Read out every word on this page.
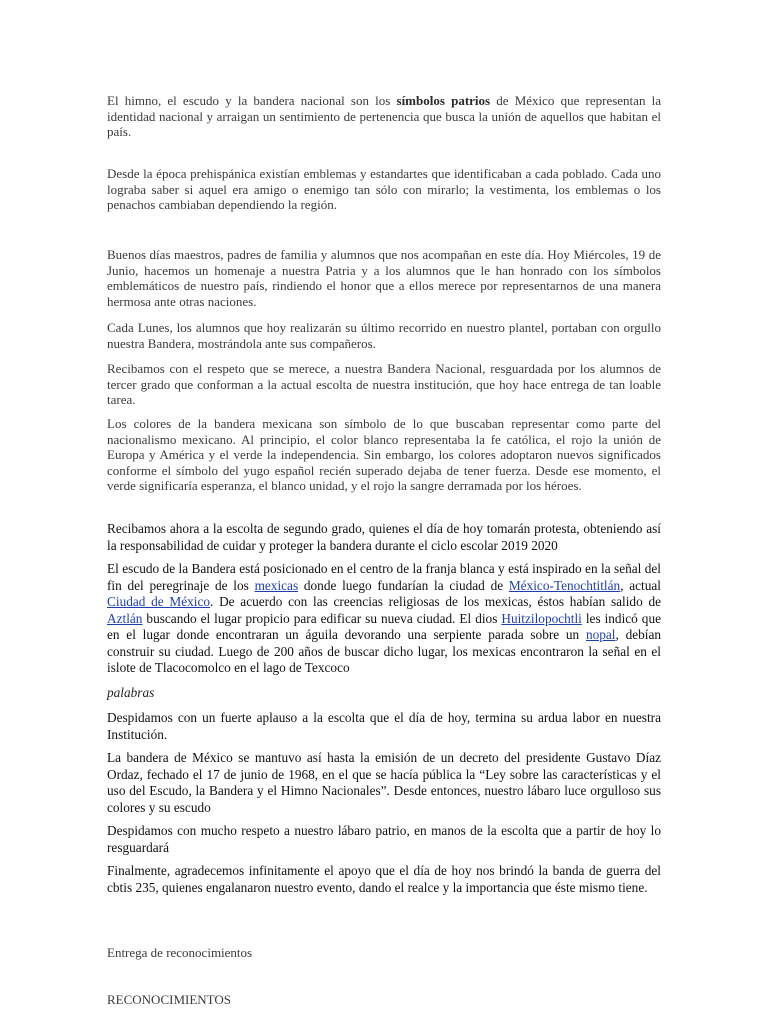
El himno, el escudo y la bandera nacional son los símbolos patrios de México que representan la identidad nacional y arraigan un sentimiento de pertenencia que busca la unión de aquellos que habitan el país.

Desde la época prehispánica existían emblemas y estandartes que identificaban a cada poblado. Cada uno lograba saber si aquel era amigo o enemigo tan sólo con mirarlo; la vestimenta, los emblemas o los penachos cambiaban dependiendo la región.

Buenos días maestros, padres de familia y alumnos que nos acompañan en este día. Hoy Miércoles, 19 de Junio, hacemos un homenaje a nuestra Patria y a los alumnos que le han honrado con los símbolos emblemáticos de nuestro país, rindiendo el honor que a ellos merece por representarnos de una manera hermosa ante otras naciones.

Cada Lunes, los alumnos que hoy realizarán su último recorrido en nuestro plantel, portaban con orgullo nuestra Bandera, mostrándola ante sus compañeros.

Recibamos con el respeto que se merece, a nuestra Bandera Nacional, resguardada por los alumnos de tercer grado que conforman a la actual escolta de nuestra institución, que hoy hace entrega de tan loable tarea.

Los colores de la bandera mexicana son símbolo de lo que buscaban representar como parte del nacionalismo mexicano. Al principio, el color blanco representaba la fe católica, el rojo la unión de Europa y América y el verde la independencia. Sin embargo, los colores adoptaron nuevos significados conforme el símbolo del yugo español recién superado dejaba de tener fuerza. Desde ese momento, el verde significaría esperanza, el blanco unidad, y el rojo la sangre derramada por los héroes.

Recibamos ahora a la escolta de segundo grado, quienes el día de hoy tomarán protesta, obteniendo así la responsabilidad de cuidar y proteger la bandera durante el ciclo escolar 2019 2020

El escudo de la Bandera está posicionado en el centro de la franja blanca y está inspirado en la señal del fin del peregrinaje de los mexicas donde luego fundarían la ciudad de México-Tenochtitlán, actual Ciudad de México. De acuerdo con las creencias religiosas de los mexicas, éstos habían salido de Aztlán buscando el lugar propicio para edificar su nueva ciudad. El dios Huitzilopochtli les indicó que en el lugar donde encontraran un águila devorando una serpiente parada sobre un nopal, debían construir su ciudad. Luego de 200 años de buscar dicho lugar, los mexicas encontraron la señal en el islote de Tlacocomolco en el lago de Texcoco

palabras

Despidamos con un fuerte aplauso a la escolta que el día de hoy, termina su ardua labor en nuestra Institución.

La bandera de México se mantuvo así hasta la emisión de un decreto del presidente Gustavo Díaz Ordaz, fechado el 17 de junio de 1968, en el que se hacía pública la “Ley sobre las características y el uso del Escudo, la Bandera y el Himno Nacionales”. Desde entonces, nuestro lábaro luce orgulloso sus colores y su escudo

Despidamos con mucho respeto a nuestro lábaro patrio, en manos de la escolta que a partir de hoy lo resguardará

Finalmente, agradecemos infinitamente el apoyo que el día de hoy nos brindó la banda de guerra del cbtis 235, quienes engalanaron nuestro evento, dando el realce y la importancia que éste mismo tiene.

Entrega de reconocimientos

RECONOCIMIENTOS
